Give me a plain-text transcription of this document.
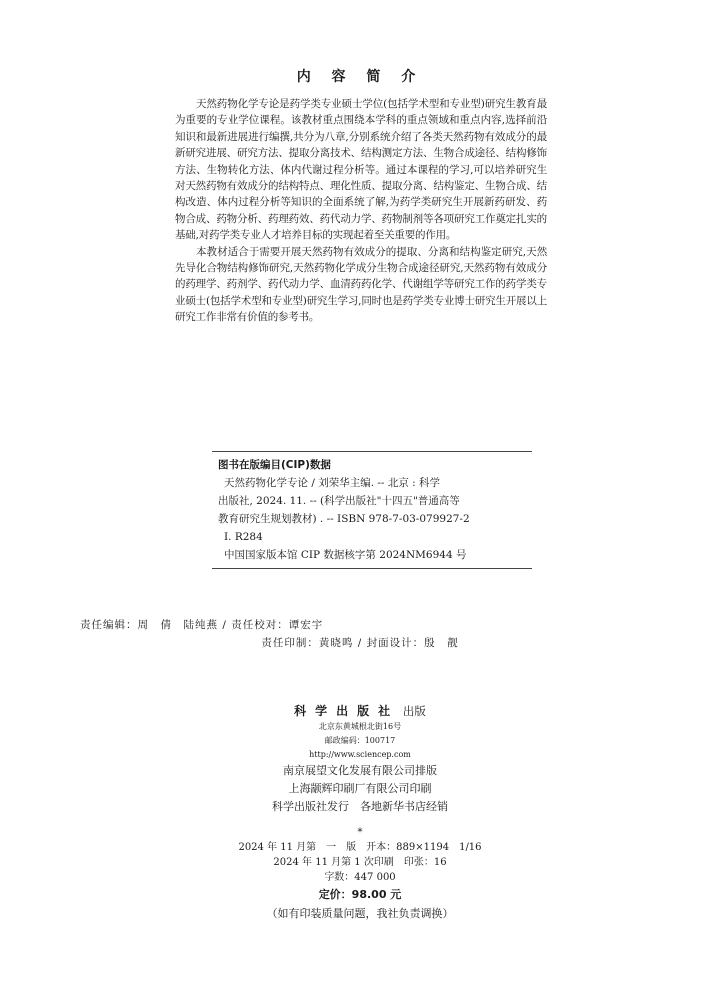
内 容 简 介

天然药物化学专论是药学类专业硕士学位(包括学术型和专业型)研究生教育最为重要的专业学位课程。该教材重点围绕本学科的重点领域和重点内容,选择前沿知识和最新进展进行编撰,共分为八章,分别系统介绍了各类天然药物有效成分的最新研究进展、研究方法、提取分离技术、结构测定方法、生物合成途径、结构修饰方法、生物转化方法、体内代谢过程分析等。通过本课程的学习,可以培养研究生对天然药物有效成分的结构特点、理化性质、提取分离、结构鉴定、生物合成、结构改造、体内过程分析等知识的全面系统了解,为药学类研究生开展新药研发、药物合成、药物分析、药理药效、药代动力学、药物制剂等各项研究工作奠定扎实的基础,对药学类专业人才培养目标的实现起着至关重要的作用。

本教材适合于需要开展天然药物有效成分的提取、分离和结构鉴定研究,天然先导化合物结构修饰研究,天然药物化学成分生物合成途径研究,天然药物有效成分的药理学、药剂学、药代动力学、血清药药化学、代谢组学等研究工作的药学类专业硕士(包括学术型和专业型)研究生学习,同时也是药学类专业博士研究生开展以上研究工作非常有价值的参考书。

图书在版编目(CIP)数据
天然药物化学专论 / 刘荣华主编. -- 北京 : 科学
出版社, 2024. 11. -- (科学出版社"十四五"普通高等
教育研究生规划教材) . -- ISBN 978-7-03-079927-2
Ⅰ. R284
中国国家版本馆 CIP 数据核字第 2024NM6944 号
责任编辑：周　倩　陆纯燕 / 责任校对：谭宏宇
责任印制：黄晓鸣 / 封面设计：殷　靓
科学出版社 出版
北京东黄城根北街16号
邮政编码：100717
http://www.sciencep.com
南京展望文化发展有限公司排版
上海颛辉印刷厂有限公司印刷
科学出版社发行　各地新华书店经销
*
2024 年 11 月第　一　版　开本：889×1194　1/16
2024 年 11 月第 1 次印刷　印张：16
字数：447 000
定价：98.00 元
（如有印装质量问题，我社负责调换）
